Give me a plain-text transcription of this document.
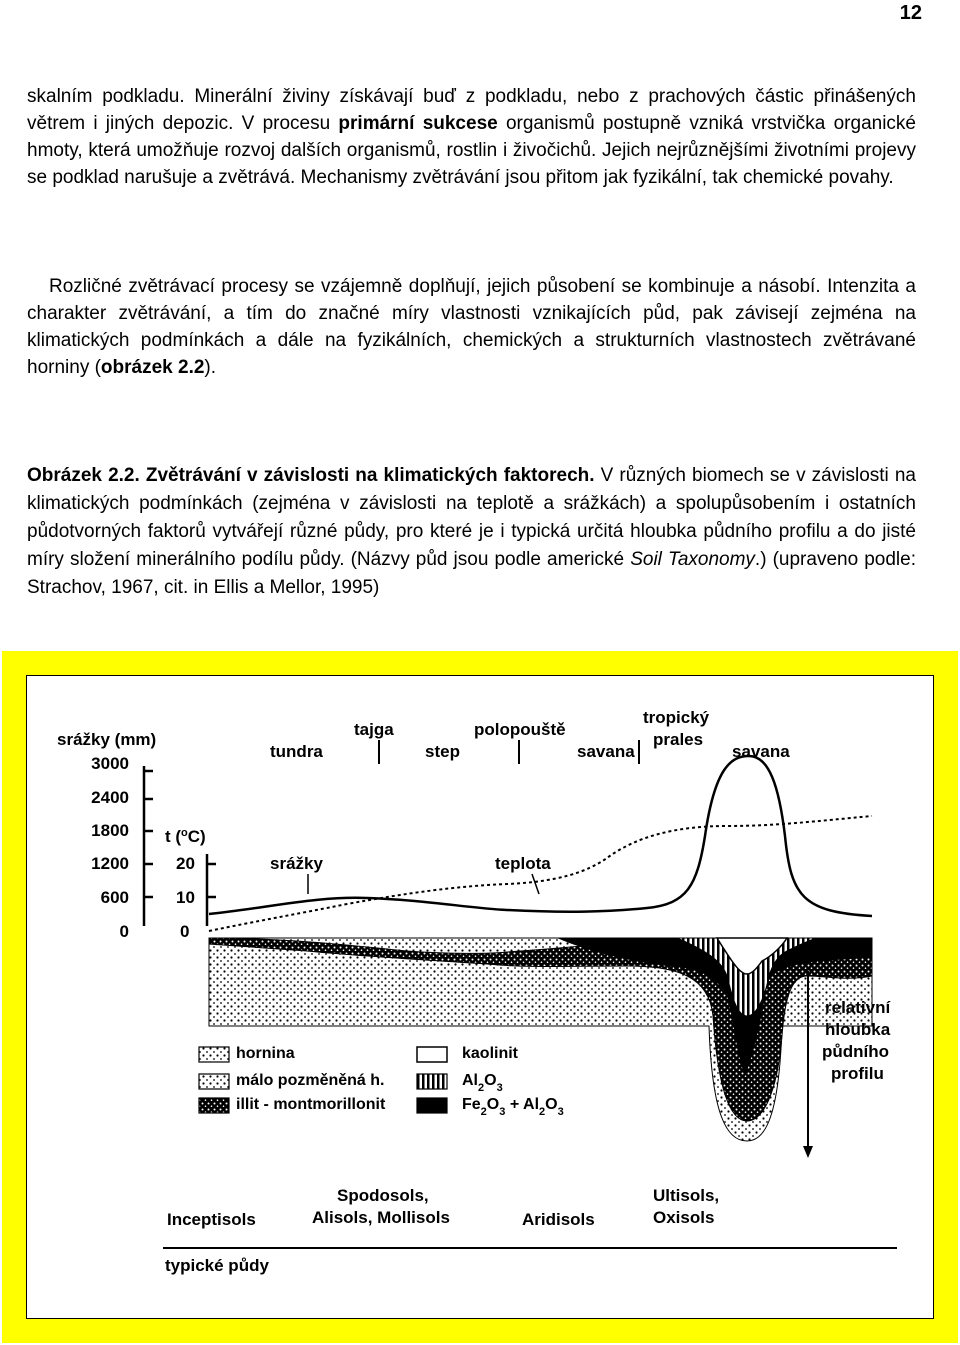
12

skalním podkladu. Minerální živiny získávají buď z podkladu, nebo z prachových částic přinášených větrem i jiných depozic. V procesu primární sukcese organismů postupně vzniká vrstvička organické hmoty, která umožňuje rozvoj dalších organismů, rostlin i živočichů. Jejich nejrůznějšími životními projevy se podklad narušuje a zvětrává. Mechanismy zvětrávání jsou přitom jak fyzikální, tak chemické povahy.

Rozličné zvětrávací procesy se vzájemně doplňují, jejich působení se kombinuje a násobí. Intenzita a charakter zvětrávání, a tím do značné míry vlastnosti vznikajících půd, pak závisejí zejména na klimatických podmínkách a dále na fyzikálních, chemických a strukturních vlastnostech zvětrávané horniny (obrázek 2.2).

Obrázek 2.2. Zvětrávání v závislosti na klimatických faktorech. V různých biomech se v závislosti na klimatických podmínkách (zejména v závislosti na teplotě a srážkách) a spolupůsobením i ostatních půdotvorných faktorů vytvářejí různé půdy, pro které je i typická určitá hloubka půdního profilu a do jisté míry složení minerálního podílu půdy. (Názvy půd jsou podle americké Soil Taxonomy.) (upraveno podle: Strachov, 1967, cit. in Ellis a Mellor, 1995)

tundra
tajga
step
polopouště
savana
tropický
prales
savana
srážky (mm)
3000
2400
1800
1200
600
0
t ($^o$C)
20
10
0
srážky	teplota
relativní
hloubka
půdního
profilu
hornina
málo pozměněná h.
illit - montmorillonit
kaolinit
$Al_2O_3$
$Fe_2O_3 + Al_2O_3$
Inceptisols
Spodosols,
Alisols, Mollisols	Aridisols
Ultisols,
Oxisols
typické půdy
